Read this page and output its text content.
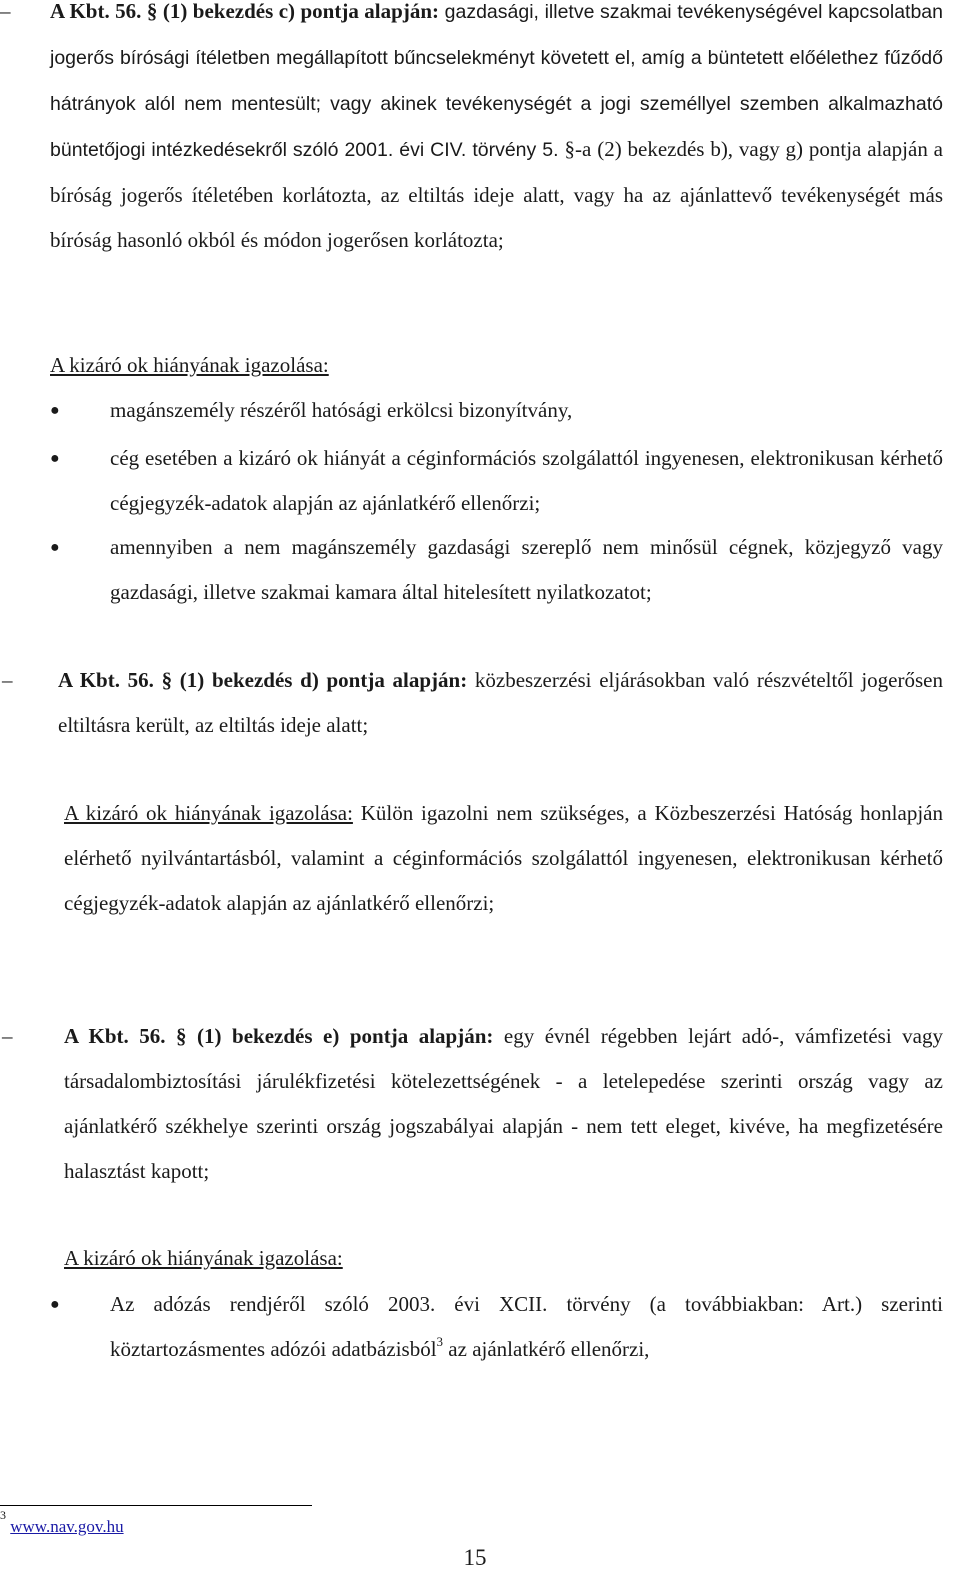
– A Kbt. 56. § (1) bekezdés c) pontja alapján: gazdasági, illetve szakmai tevékenységével kapcsolatban jogerős bírósági ítéletben megállapított bűncselekményt követett el, amíg a büntetett előélethez fűződő hátrányok alól nem mentesült; vagy akinek tevékenységét a jogi személlyel szemben alkalmazható büntetőjogi intézkedésekről szóló 2001. évi CIV. törvény 5. §-a (2) bekezdés b), vagy g) pontja alapján a bíróság jogerős ítéletében korlátozta, az eltiltás ideje alatt, vagy ha az ajánlattevő tevékenységét más bíróság hasonló okból és módon jogerősen korlátozta;

A kizáró ok hiányának igazolása:

● magánszemély részéről hatósági erkölcsi bizonyítvány,

● cég esetében a kizáró ok hiányát a céginformációs szolgálattól ingyenesen, elektronikusan kérhető cégjegyzék-adatok alapján az ajánlatkérő ellenőrzi;

● amennyiben a nem magánszemély gazdasági szereplő nem minősül cégnek, közjegyző vagy gazdasági, illetve szakmai kamara által hitelesített nyilatkozatot;

– A Kbt. 56. § (1) bekezdés d) pontja alapján: közbeszerzési eljárásokban való részvételtől jogerősen eltiltásra került, az eltiltás ideje alatt;

A kizáró ok hiányának igazolása: Külön igazolni nem szükséges, a Közbeszerzési Hatóság honlapján elérhető nyilvántartásból, valamint a céginformációs szolgálattól ingyenesen, elektronikusan kérhető cégjegyzék-adatok alapján az ajánlatkérő ellenőrzi;

– A Kbt. 56. § (1) bekezdés e) pontja alapján: egy évnél régebben lejárt adó-, vámfizetési vagy társadalombiztosítási járulékfizetési kötelezettségének - a letelepedése szerinti ország vagy az ajánlatkérő székhelye szerinti ország jogszabályai alapján - nem tett eleget, kivéve, ha megfizetésére halasztást kapott;

A kizáró ok hiányának igazolása:

● Az adózás rendjéről szóló 2003. évi XCII. törvény (a továbbiakban: Art.) szerinti köztartozásmentes adózói adatbázisból$^3$ az ajánlatkérő ellenőrzi,

$^3$ www.nav.gov.hu
15
